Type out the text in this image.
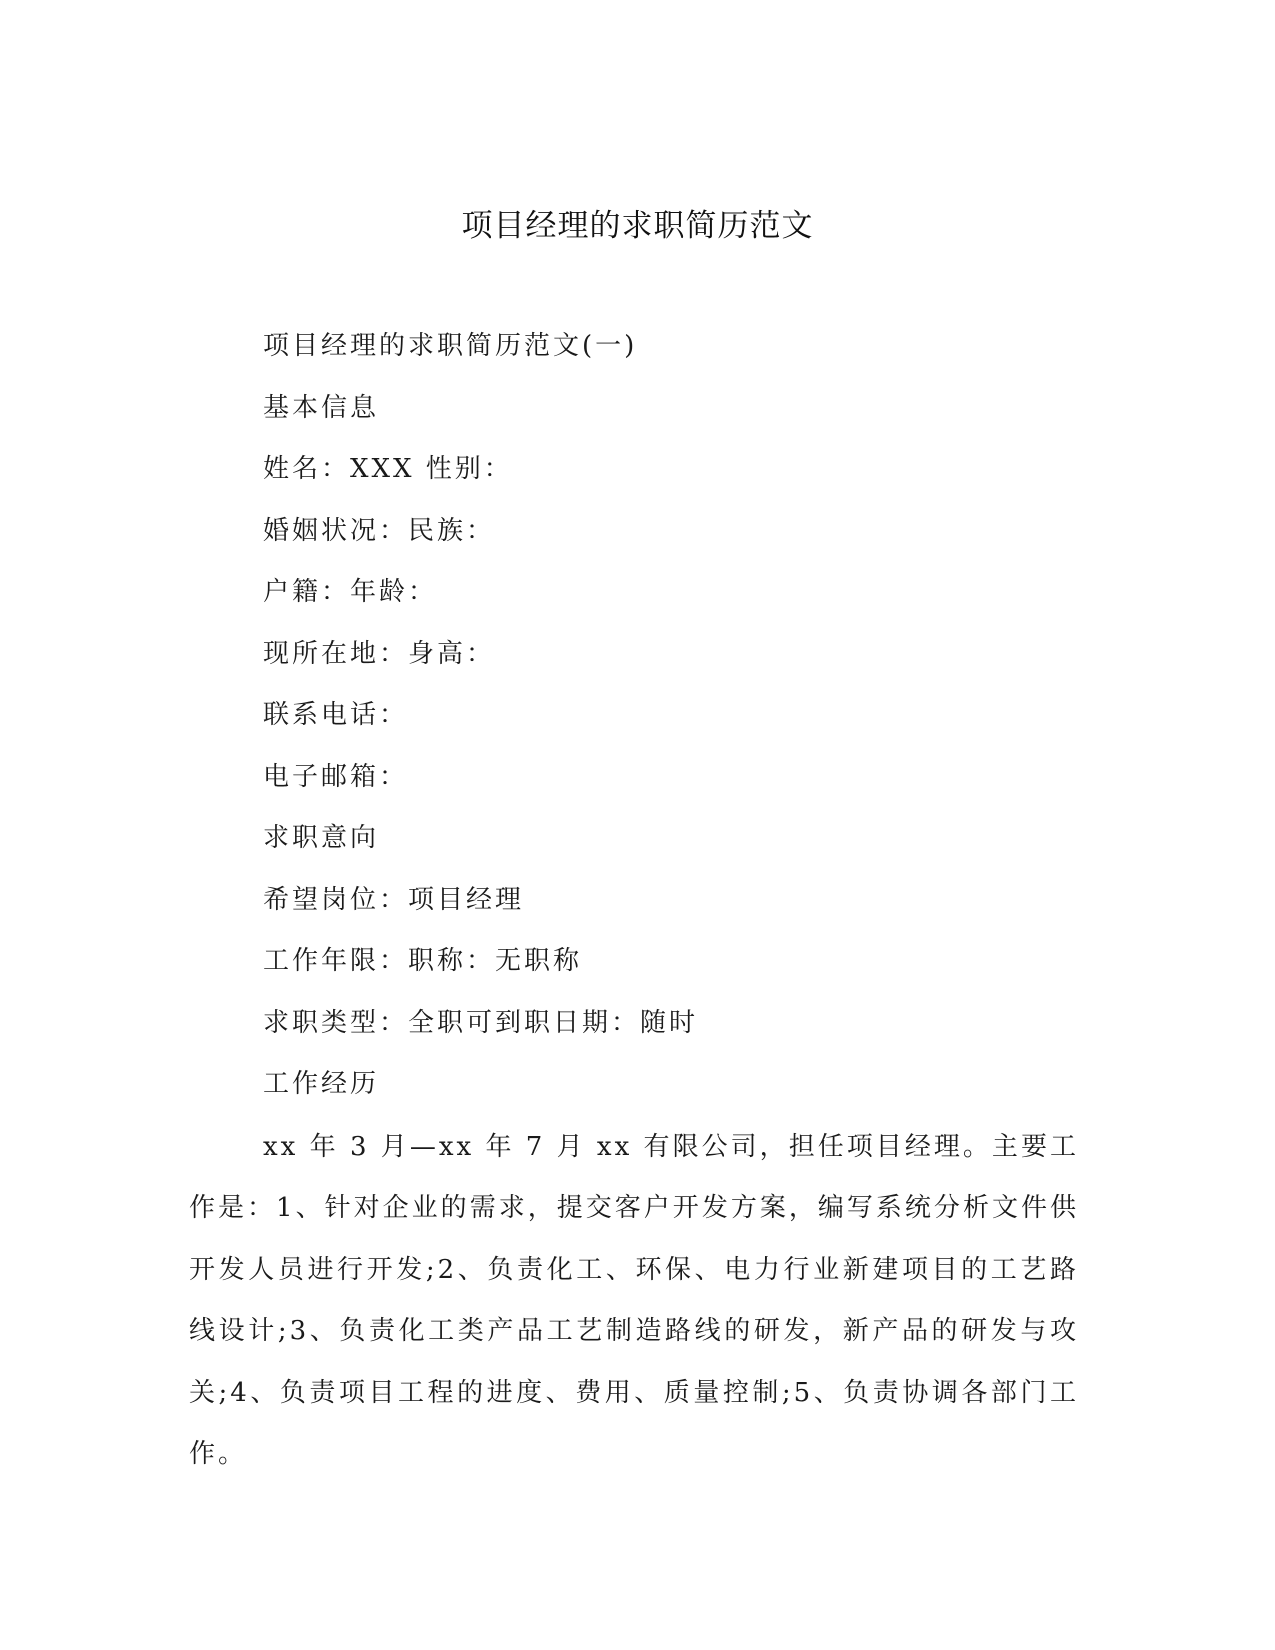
项目经理的求职简历范文

项目经理的求职简历范文(一)

基本信息

姓名：XXX 性别：

婚姻状况：民族：

户籍：年龄：

现所在地：身高：

联系电话：

电子邮箱：

求职意向

希望岗位：项目经理

工作年限：职称：无职称

求职类型：全职可到职日期：随时

工作经历

xx 年 3 月—xx 年 7 月 xx 有限公司，担任项目经理。主要工作是：1、针对企业的需求，提交客户开发方案，编写系统分析文件供开发人员进行开发;2、负责化工、环保、电力行业新建项目的工艺路线设计;3、负责化工类产品工艺制造路线的研发，新产品的研发与攻关;4、负责项目工程的进度、费用、质量控制;5、负责协调各部门工作。
